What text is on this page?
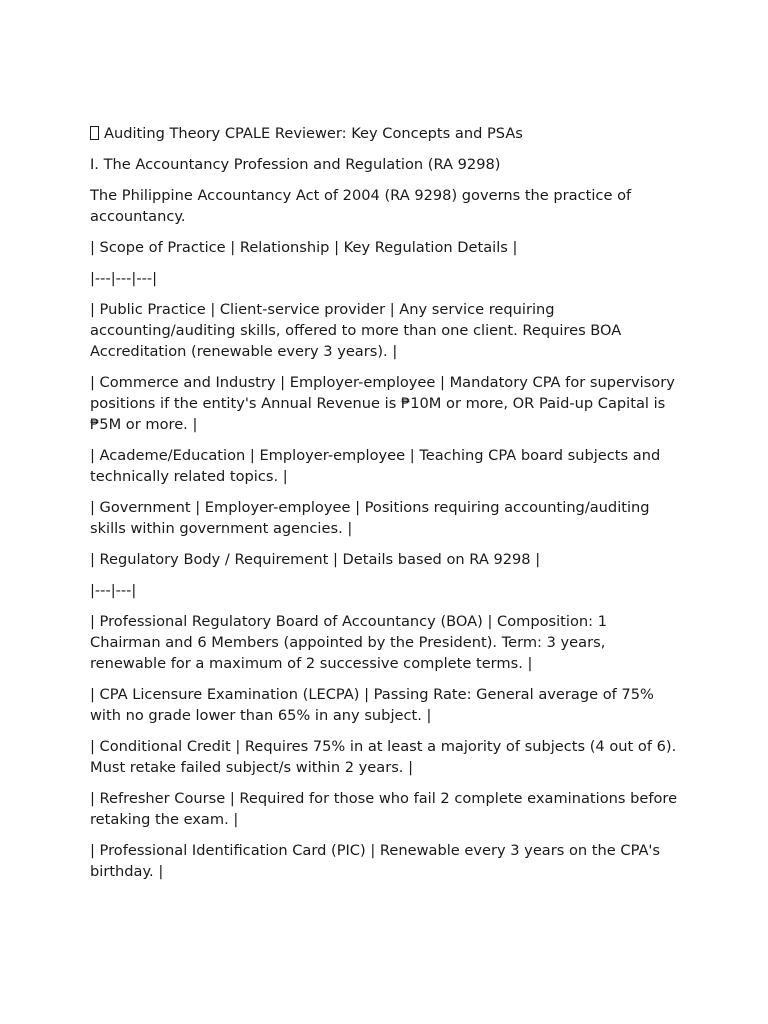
Auditing Theory CPALE Reviewer: Key Concepts and PSAs

I. The Accountancy Profession and Regulation (RA 9298)

The Philippine Accountancy Act of 2004 (RA 9298) governs the practice of accountancy.

| Scope of Practice | Relationship | Key Regulation Details |

|---|---|---|

| Public Practice | Client-service provider | Any service requiring accounting/auditing skills, offered to more than one client. Requires BOA Accreditation (renewable every 3 years). |

| Commerce and Industry | Employer-employee | Mandatory CPA for supervisory positions if the entity's Annual Revenue is ₱10M or more, OR Paid-up Capital is ₱5M or more. |

| Academe/Education | Employer-employee | Teaching CPA board subjects and technically related topics. |

| Government | Employer-employee | Positions requiring accounting/auditing skills within government agencies. |

| Regulatory Body / Requirement | Details based on RA 9298 |

|---|---|

| Professional Regulatory Board of Accountancy (BOA) | Composition: 1 Chairman and 6 Members (appointed by the President). Term: 3 years, renewable for a maximum of 2 successive complete terms. |

| CPA Licensure Examination (LECPA) | Passing Rate: General average of 75% with no grade lower than 65% in any subject. |

| Conditional Credit | Requires 75% in at least a majority of subjects (4 out of 6). Must retake failed subject/s within 2 years. |

| Refresher Course | Required for those who fail 2 complete examinations before retaking the exam. |

| Professional Identification Card (PIC) | Renewable every 3 years on the CPA's birthday. |
